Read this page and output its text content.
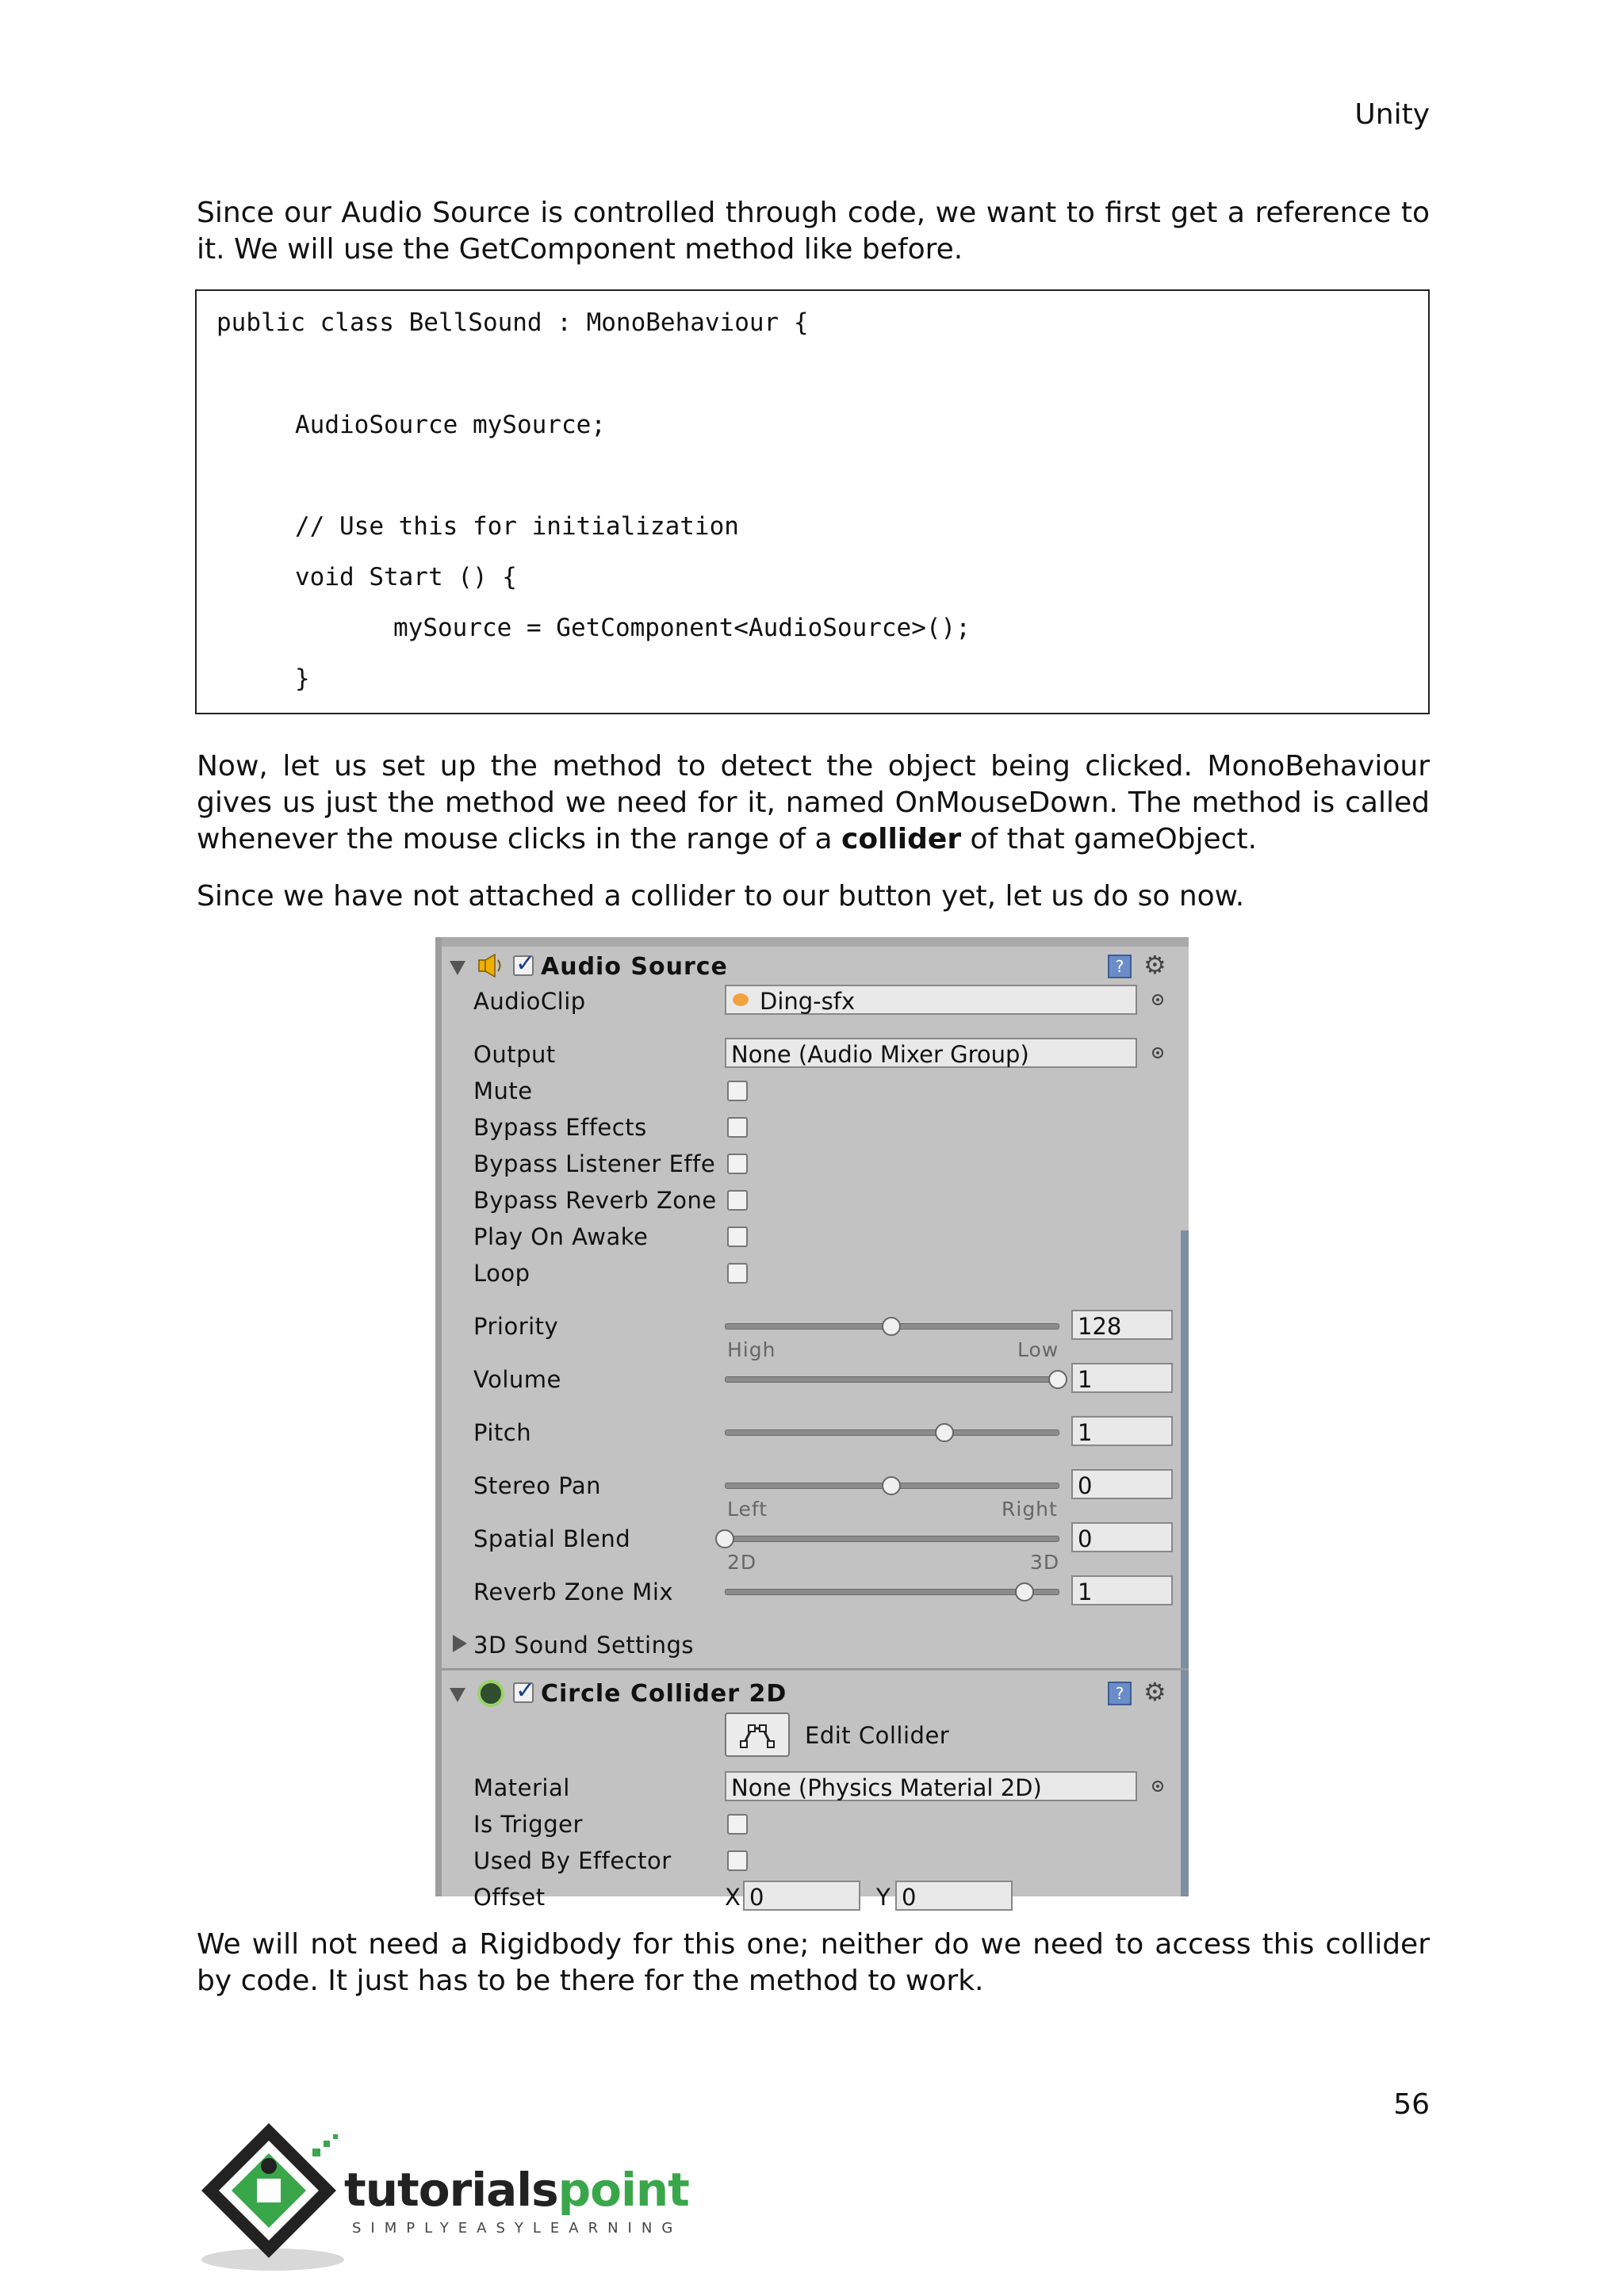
Unity

Since our Audio Source is controlled through code, we want to first get a reference to it. We will use the GetComponent method like before.

public class BellSound : MonoBehaviour {
AudioSource mySource;
// Use this for initialization
void Start () {
mySource = GetComponent<AudioSource>();
}

Now, let us set up the method to detect the object being clicked. MonoBehaviour gives us just the method we need for it, named OnMouseDown. The method is called whenever the mouse clicks in the range of a collider of that gameObject.

Since we have not attached a collider to our button yet, let us do so now.

✓
Audio Source	? ⚙
AudioClip	Ding-sfx
Output	None (Audio Mixer Group)
Mute
Bypass Effects
Bypass Listener Effe
Bypass Reverb Zone
Play On Awake
Loop
Priority	128
High	Low
Volume	1
Pitch	1
Stereo Pan	0
Left	Right
Spatial Blend	0
2D	3D
Reverb Zone Mix	1
3D Sound Settings
✓
Circle Collider 2D	? ⚙
Edit Collider
Material	None (Physics Material 2D)
Is Trigger
Used By Effector
Offset	X 0	Y 0

We will not need a Rigidbody for this one; neither do we need to access this collider by code. It just has to be there for the method to work.

56
tutorialspoint
SIMPLYEASYLEARNING
